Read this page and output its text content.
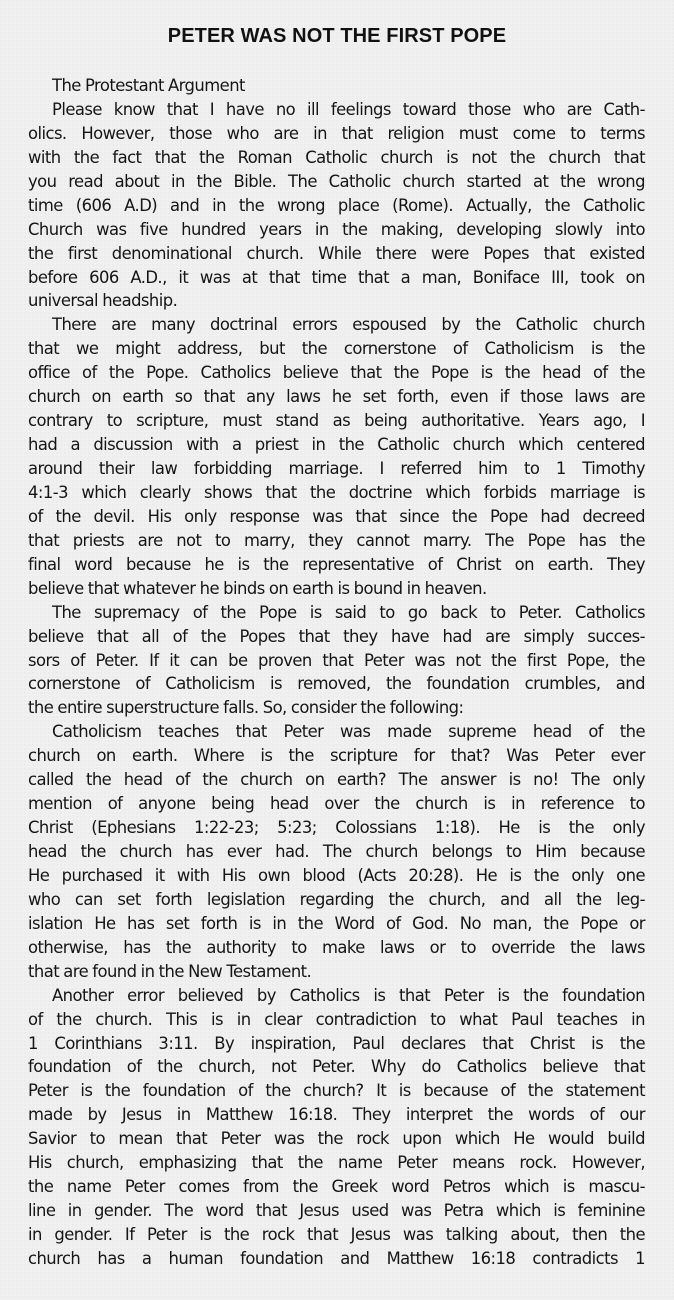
PETER WAS NOT THE FIRST POPE
The Protestant Argument
Please know that I have no ill feelings toward those who are Cath-
olics. However, those who are in that religion must come to terms
with the fact that the Roman Catholic church is not the church that
you read about in the Bible. The Catholic church started at the wrong
time (606 A.D) and in the wrong place (Rome). Actually, the Catholic
Church was five hundred years in the making, developing slowly into
the first denominational church. While there were Popes that existed
before 606 A.D., it was at that time that a man, Boniface III, took on
universal headship.
There are many doctrinal errors espoused by the Catholic church
that we might address, but the cornerstone of Catholicism is the
office of the Pope. Catholics believe that the Pope is the head of the
church on earth so that any laws he set forth, even if those laws are
contrary to scripture, must stand as being authoritative. Years ago, I
had a discussion with a priest in the Catholic church which centered
around their law forbidding marriage. I referred him to 1 Timothy
4:1-3 which clearly shows that the doctrine which forbids marriage is
of the devil. His only response was that since the Pope had decreed
that priests are not to marry, they cannot marry. The Pope has the
final word because he is the representative of Christ on earth. They
believe that whatever he binds on earth is bound in heaven.
The supremacy of the Pope is said to go back to Peter. Catholics
believe that all of the Popes that they have had are simply succes-
sors of Peter. If it can be proven that Peter was not the first Pope, the
cornerstone of Catholicism is removed, the foundation crumbles, and
the entire superstructure falls. So, consider the following:
Catholicism teaches that Peter was made supreme head of the
church on earth. Where is the scripture for that? Was Peter ever
called the head of the church on earth? The answer is no! The only
mention of anyone being head over the church is in reference to
Christ (Ephesians 1:22-23; 5:23; Colossians 1:18). He is the only
head the church has ever had. The church belongs to Him because
He purchased it with His own blood (Acts 20:28). He is the only one
who can set forth legislation regarding the church, and all the leg-
islation He has set forth is in the Word of God. No man, the Pope or
otherwise, has the authority to make laws or to override the laws
that are found in the New Testament.
Another error believed by Catholics is that Peter is the foundation
of the church. This is in clear contradiction to what Paul teaches in
1 Corinthians 3:11. By inspiration, Paul declares that Christ is the
foundation of the church, not Peter. Why do Catholics believe that
Peter is the foundation of the church? It is because of the statement
made by Jesus in Matthew 16:18. They interpret the words of our
Savior to mean that Peter was the rock upon which He would build
His church, emphasizing that the name Peter means rock. However,
the name Peter comes from the Greek word Petros which is mascu-
line in gender. The word that Jesus used was Petra which is feminine
in gender. If Peter is the rock that Jesus was talking about, then the
church has a human foundation and Matthew 16:18 contradicts 1
